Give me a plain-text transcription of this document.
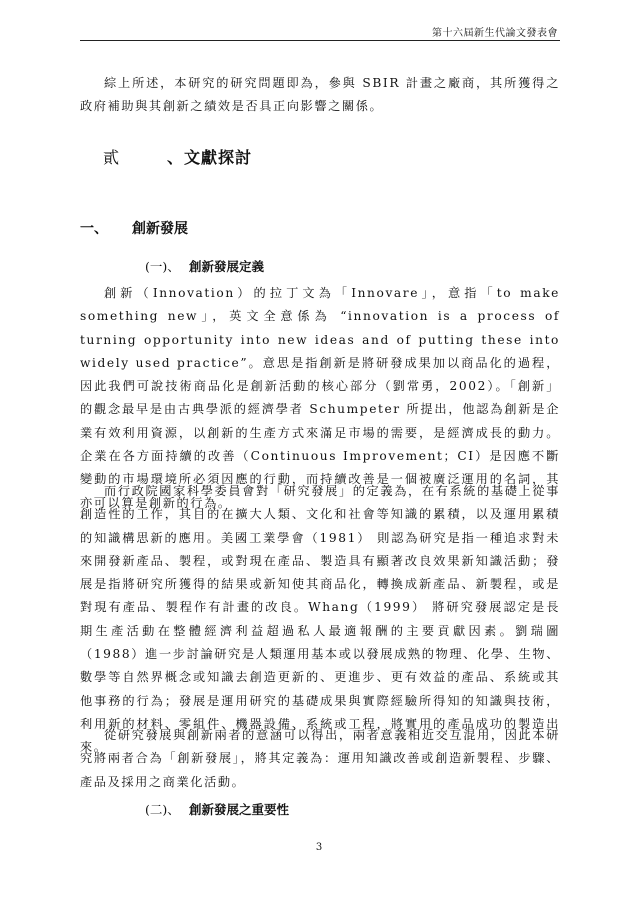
第十六屆新生代論文發表會

綜上所述，本研究的研究問題即為，參與 SBIR 計畫之廠商，其所獲得之政府補助與其創新之績效是否具正向影響之關係。

貳	、文獻探討
一、 創新發展
(一)、 創新發展定義

創新（Innovation）的拉丁文為「Innovare」，意指「to make something new」，英文全意係為 “innovation is a process of turning opportunity into new ideas and of putting these into widely used practice”。意思是指創新是將研發成果加以商品化的過程，因此我們可說技術商品化是創新活動的核心部分（劉常勇，2002）。「創新」的觀念最早是由古典學派的經濟學者 Schumpeter 所提出，他認為創新是企業有效利用資源，以創新的生產方式來滿足市場的需要，是經濟成長的動力。企業在各方面持續的改善（Continuous Improvement；CI）是因應不斷變動的市場環境所必須因應的行動，而持續改善是一個被廣泛運用的名詞，其亦可以算是創新的行為。

而行政院國家科學委員會對「研究發展」的定義為，在有系統的基礎上從事創造性的工作，其目的在擴大人類、文化和社會等知識的累積，以及運用累積的知識構思新的應用。美國工業學會（1981） 則認為研究是指一種追求對未來開發新產品、製程，或對現在產品、製造具有顯著改良效果新知識活動；發展是指將研究所獲得的結果或新知使其商品化，轉換成新產品、新製程，或是對現有產品、製程作有計畫的改良。Whang（1999） 將研究發展認定是長期生產活動在整體經濟利益超過私人最適報酬的主要貢獻因素。劉瑞圖（1988）進一步討論研究是人類運用基本或以發展成熟的物理、化學、生物、數學等自然界概念或知識去創造更新的、更進步、更有效益的產品、系統或其他事務的行為；發展是運用研究的基礎成果與實際經驗所得知的知識與技術，利用新的材料、零組件、機器設備、系統或工程，將實用的產品成功的製造出來。

從研究發展與創新兩者的意涵可以得出，兩者意義相近交互混用，因此本研究將兩者合為「創新發展」，將其定義為：運用知識改善或創造新製程、步驟、產品及採用之商業化活動。

(二)、 創新發展之重要性
3
